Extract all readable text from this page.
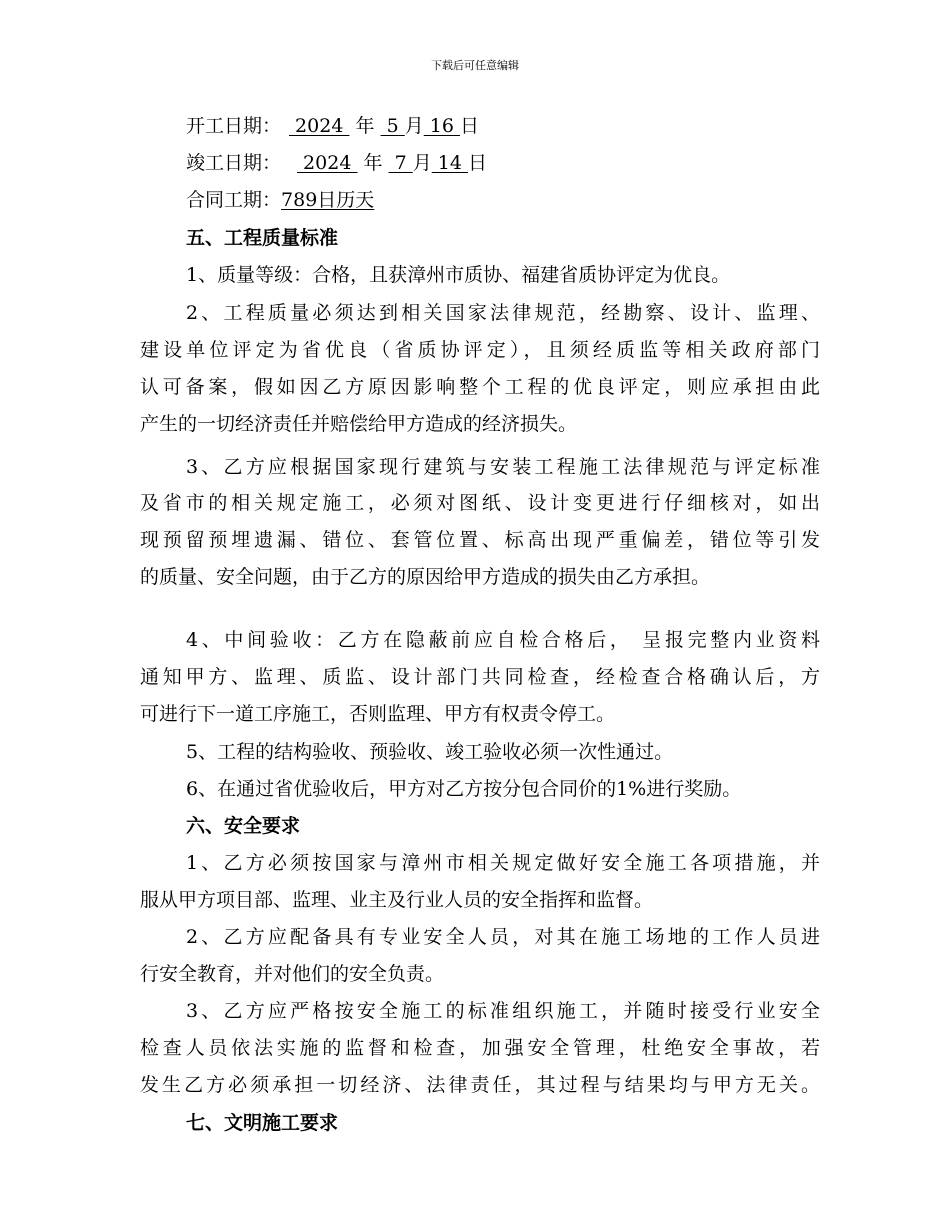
下载后可任意编辑
开工日期： 2024  年  5 月 16 日
竣工日期： 2024  年  7 月 14 日
合同工期：789日历天
五、工程质量标准
1、质量等级：合格，且获漳州市质协、福建省质协评定为优良。
2、工程质量必须达到相关国家法律规范，经勘察、设计、监理、
建设单位评定为省优良（省质协评定），且须经质监等相关政府部门
认可备案，假如因乙方原因影响整个工程的优良评定，则应承担由此
产生的一切经济责任并赔偿给甲方造成的经济损失。
3、乙方应根据国家现行建筑与安装工程施工法律规范与评定标准
及省市的相关规定施工，必须对图纸、设计变更进行仔细核对，如出
现预留预埋遗漏、错位、套管位置、标高出现严重偏差，错位等引发
的质量、安全问题，由于乙方的原因给甲方造成的损失由乙方承担。
4、中间验收：乙方在隐蔽前应自检合格后， 呈报完整内业资料
通知甲方、监理、质监、设计部门共同检查，经检查合格确认后，方
可进行下一道工序施工，否则监理、甲方有权责令停工。
5、工程的结构验收、预验收、竣工验收必须一次性通过。
6、在通过省优验收后，甲方对乙方按分包合同价的1%进行奖励。
六、安全要求
1、乙方必须按国家与漳州市相关规定做好安全施工各项措施，并
服从甲方项目部、监理、业主及行业人员的安全指挥和监督。
2、乙方应配备具有专业安全人员，对其在施工场地的工作人员进
行安全教育，并对他们的安全负责。
3、乙方应严格按安全施工的标准组织施工，并随时接受行业安全
检查人员依法实施的监督和检查，加强安全管理，杜绝安全事故，若
发生乙方必须承担一切经济、法律责任，其过程与结果均与甲方无关。
七、文明施工要求
